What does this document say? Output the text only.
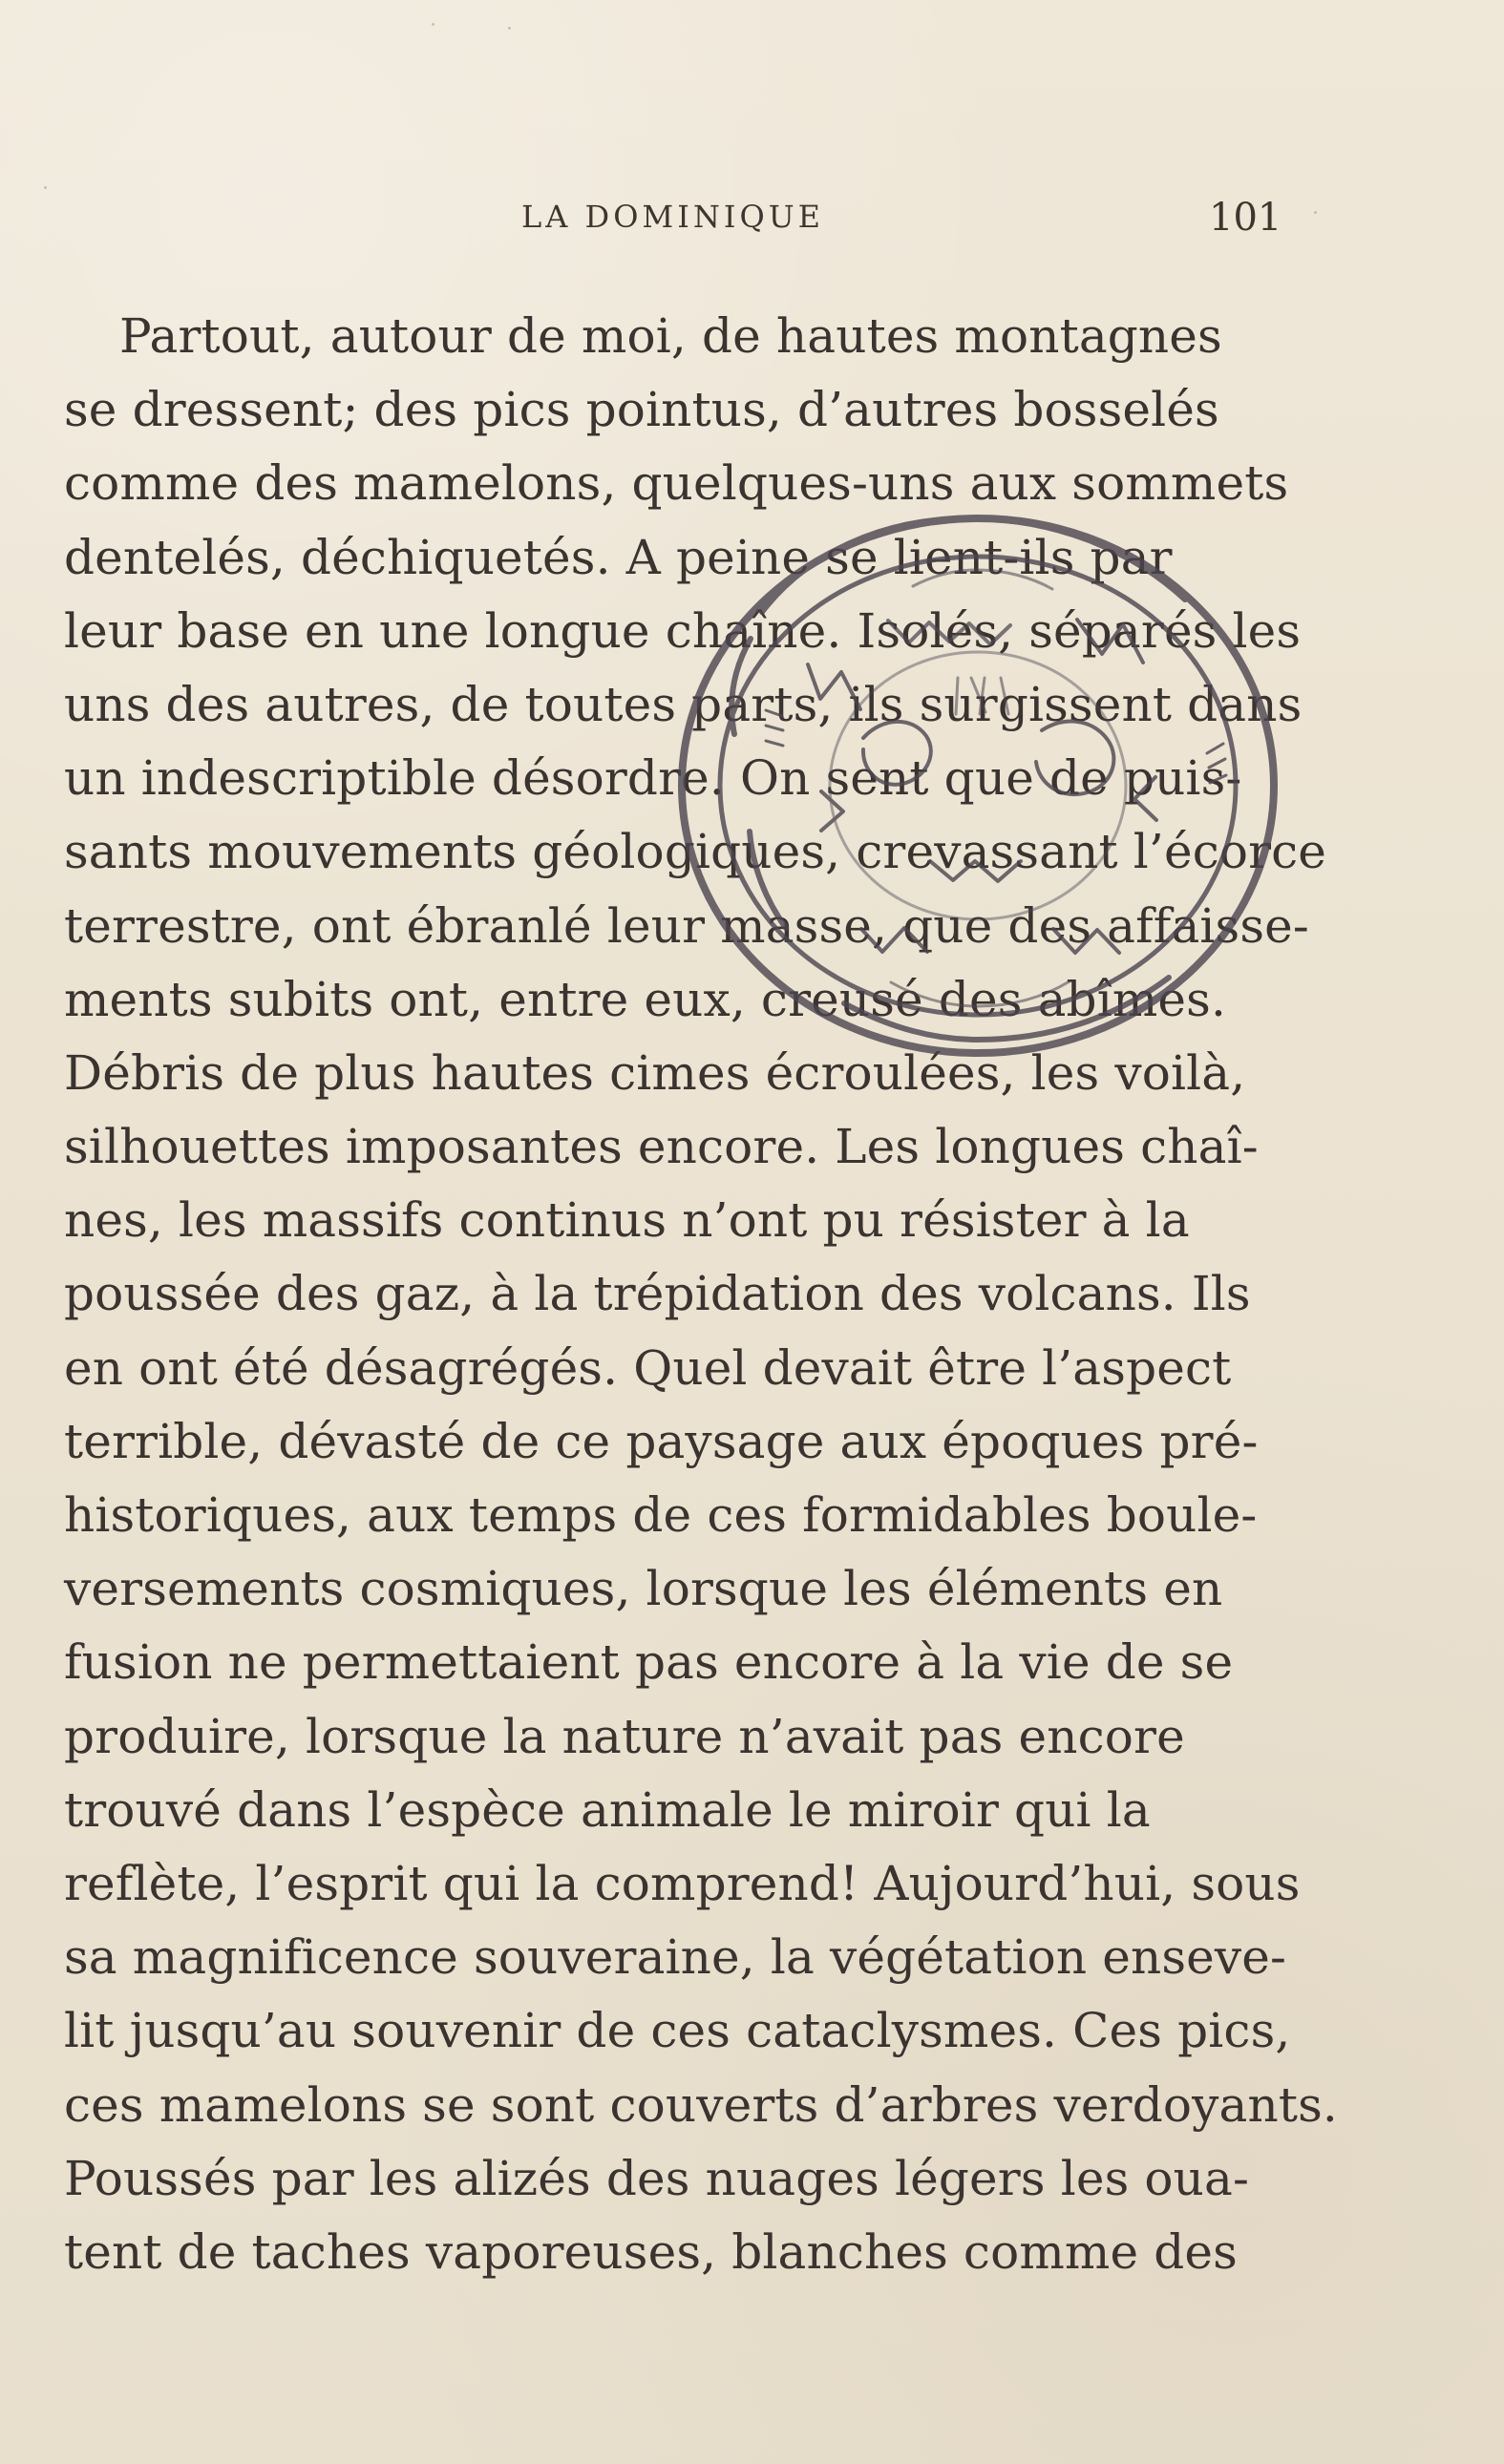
LA DOMINIQUE	101
Partout, autour de moi, de hautes montagnes
se dressent; des pics pointus, d’autres bosselés
comme des mamelons, quelques-uns aux sommets
dentelés, déchiquetés. A peine se lient-ils par
leur base en une longue chaîne. Isolés, séparés les
uns des autres, de toutes parts, ils surgissent dans
un indescriptible désordre. On sent que de puis-
sants mouvements géologiques, crevassant l’écorce
terrestre, ont ébranlé leur masse, que des affaisse-
ments subits ont, entre eux, creusé des abîmes.
Débris de plus hautes cimes écroulées, les voilà,
silhouettes imposantes encore. Les longues chaî-
nes, les massifs continus n’ont pu résister à la
poussée des gaz, à la trépidation des volcans. Ils
en ont été désagrégés. Quel devait être l’aspect
terrible, dévasté de ce paysage aux époques pré-
historiques, aux temps de ces formidables boule-
versements cosmiques, lorsque les éléments en
fusion ne permettaient pas encore à la vie de se
produire, lorsque la nature n’avait pas encore
trouvé dans l’espèce animale le miroir qui la
reflète, l’esprit qui la comprend! Aujourd’hui, sous
sa magnificence souveraine, la végétation enseve-
lit jusqu’au souvenir de ces cataclysmes. Ces pics,
ces mamelons se sont couverts d’arbres verdoyants.
Poussés par les alizés des nuages légers les oua-
tent de taches vaporeuses, blanches comme des
